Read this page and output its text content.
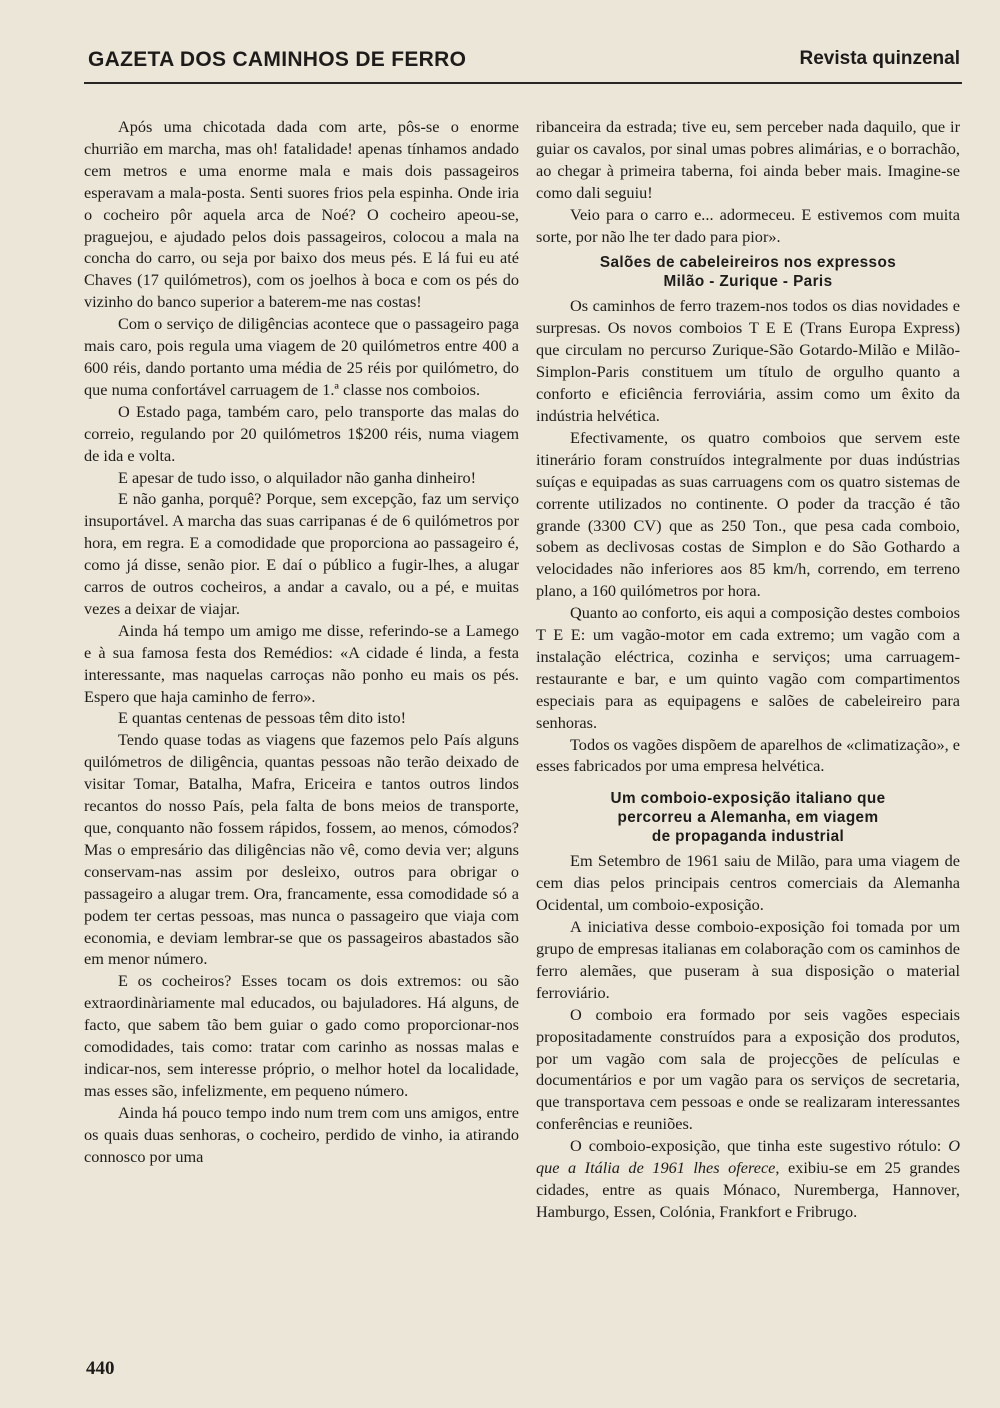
GAZETA DOS CAMINHOS DE FERRO	Revista quinzenal

Após uma chicotada dada com arte, pôs-se o enorme churrião em marcha, mas oh! fatalidade! apenas tínhamos andado cem metros e uma enorme mala e mais dois passageiros esperavam a mala-posta. Senti suores frios pela espinha. Onde iria o cocheiro pôr aquela arca de Noé? O cocheiro apeou-se, praguejou, e ajudado pelos dois passageiros, colocou a mala na concha do carro, ou seja por baixo dos meus pés. E lá fui eu até Chaves (17 quilómetros), com os joelhos à boca e com os pés do vizinho do banco superior a baterem-me nas costas!

Com o serviço de diligências acontece que o passageiro paga mais caro, pois regula uma viagem de 20 quilómetros entre 400 a 600 réis, dando portanto uma média de 25 réis por quilómetro, do que numa confortável carruagem de 1.ª classe nos comboios.

O Estado paga, também caro, pelo transporte das malas do correio, regulando por 20 quilómetros 1$200 réis, numa viagem de ida e volta.

E apesar de tudo isso, o alquilador não ganha dinheiro!

E não ganha, porquê? Porque, sem excepção, faz um serviço insuportável. A marcha das suas carripanas é de 6 quilómetros por hora, em regra. E a comodidade que proporciona ao passageiro é, como já disse, senão pior. E daí o público a fugir-lhes, a alugar carros de outros cocheiros, a andar a cavalo, ou a pé, e muitas vezes a deixar de viajar.

Ainda há tempo um amigo me disse, referindo-se a Lamego e à sua famosa festa dos Remédios: «A cidade é linda, a festa interessante, mas naquelas carroças não ponho eu mais os pés. Espero que haja caminho de ferro».

E quantas centenas de pessoas têm dito isto!

Tendo quase todas as viagens que fazemos pelo País alguns quilómetros de diligência, quantas pessoas não terão deixado de visitar Tomar, Batalha, Mafra, Ericeira e tantos outros lindos recantos do nosso País, pela falta de bons meios de transporte, que, conquanto não fossem rápidos, fossem, ao menos, cómodos? Mas o empresário das diligências não vê, como devia ver; alguns conservam-nas assim por desleixo, outros para obrigar o passageiro a alugar trem. Ora, francamente, essa comodidade só a podem ter certas pessoas, mas nunca o passageiro que viaja com economia, e deviam lembrar-se que os passageiros abastados são em menor número.

E os cocheiros? Esses tocam os dois extremos: ou são extraordinàriamente mal educados, ou bajuladores. Há alguns, de facto, que sabem tão bem guiar o gado como proporcionar-nos comodidades, tais como: tratar com carinho as nossas malas e indicar-nos, sem interesse próprio, o melhor hotel da localidade, mas esses são, infelizmente, em pequeno número.

Ainda há pouco tempo indo num trem com uns amigos, entre os quais duas senhoras, o cocheiro, perdido de vinho, ia atirando connosco por uma

ribanceira da estrada; tive eu, sem perceber nada daquilo, que ir guiar os cavalos, por sinal umas pobres alimárias, e o borrachão, ao chegar à primeira taberna, foi ainda beber mais. Imagine-se como dali seguiu!

Veio para o carro e... adormeceu. E estivemos com muita sorte, por não lhe ter dado para pior».

Salões de cabeleireiros nos expressos
Milão - Zurique - Paris

Os caminhos de ferro trazem-nos todos os dias novidades e surpresas. Os novos comboios T E E (Trans Europa Express) que circulam no percurso Zurique-São Gotardo-Milão e Milão-Simplon-Paris constituem um título de orgulho quanto a conforto e eficiência ferroviária, assim como um êxito da indústria helvética.

Efectivamente, os quatro comboios que servem este itinerário foram construídos integralmente por duas indústrias suíças e equipadas as suas carruagens com os quatro sistemas de corrente utilizados no continente. O poder da tracção é tão grande (3300 CV) que as 250 Ton., que pesa cada comboio, sobem as declivosas costas de Simplon e do São Gothardo a velocidades não inferiores aos 85 km/h, correndo, em terreno plano, a 160 quilómetros por hora.

Quanto ao conforto, eis aqui a composição destes comboios T E E: um vagão-motor em cada extremo; um vagão com a instalação eléctrica, cozinha e serviços; uma carruagem-restaurante e bar, e um quinto vagão com compartimentos especiais para as equipagens e salões de cabeleireiro para senhoras.

Todos os vagões dispõem de aparelhos de «climatização», e esses fabricados por uma empresa helvética.

Um comboio-exposição italiano que
percorreu a Alemanha, em viagem
de propaganda industrial

Em Setembro de 1961 saiu de Milão, para uma viagem de cem dias pelos principais centros comerciais da Alemanha Ocidental, um comboio-exposição.

A iniciativa desse comboio-exposição foi tomada por um grupo de empresas italianas em colaboração com os caminhos de ferro alemães, que puseram à sua disposição o material ferroviário.

O comboio era formado por seis vagões especiais propositadamente construídos para a exposição dos produtos, por um vagão com sala de projecções de películas e documentários e por um vagão para os serviços de secretaria, que transportava cem pessoas e onde se realizaram interessantes conferências e reuniões.

O comboio-exposição, que tinha este sugestivo rótulo: O que a Itália de 1961 lhes oferece, exibiu-se em 25 grandes cidades, entre as quais Mónaco, Nuremberga, Hannover, Hamburgo, Essen, Colónia, Frankfort e Fribrugo.

440
